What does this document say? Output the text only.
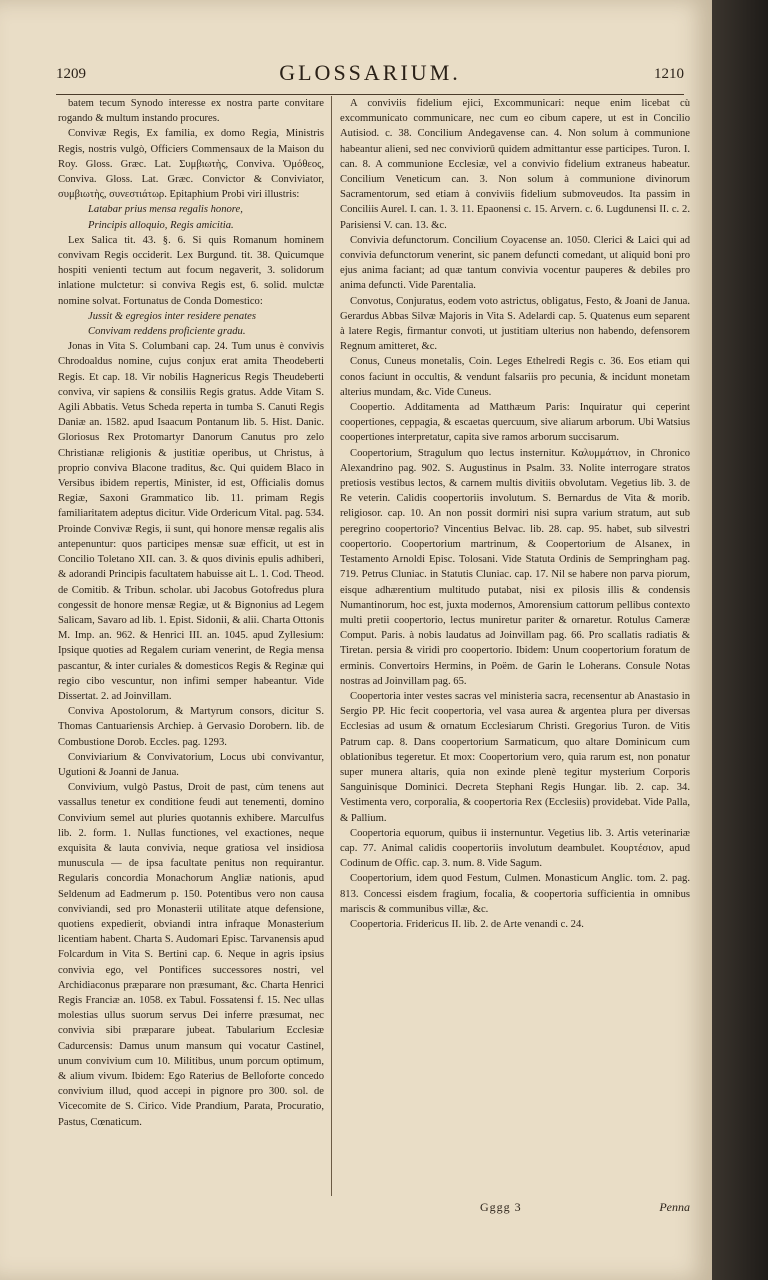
1209	GLOSSARIUM.	1210

batem tecum Synodo interesse ex nostra parte convitare rogando & multum instando procures.

Convivæ Regis, Ex familia, ex domo Regia, Ministris Regis, nostris vulgò, Officiers Commensaux de la Maison du Roy. Gloss. Græc. Lat. Συμβιωτὴς, Conviva. Ὁμόθεος, Conviva. Gloss. Lat. Græc. Convictor & Conviviator, συμβιωτὴς, συνεστιάτωρ. Epitaphium Probi viri illustris:

Latabar prius mensa regalis honore,

Principis alloquio, Regis amicitia.

Lex Salica tit. 43. §. 6. Si quis Romanum hominem convivam Regis occiderit. Lex Burgund. tit. 38. Quicumque hospiti venienti tectum aut focum negaverit, 3. solidorum inlatione mulctetur: si conviva Regis est, 6. solid. mulctæ nomine solvat. Fortunatus de Conda Domestico:

Jussit & egregios inter residere penates

Convivam reddens proficiente gradu.

Jonas in Vita S. Columbani cap. 24. Tum unus è convivis Chrodoaldus nomine, cujus conjux erat amita Theodeberti Regis. Et cap. 18. Vir nobilis Hagnericus Regis Theudeberti conviva, vir sapiens & consiliis Regis gratus. Adde Vitam S. Agili Abbatis. Vetus Scheda reperta in tumba S. Canuti Regis Daniæ an. 1582. apud Isaacum Pontanum lib. 5. Hist. Danic. Gloriosus Rex Protomartyr Danorum Canutus pro zelo Christianæ religionis & justitiæ operibus, ut Christus, à proprio conviva Blacone traditus, &c. Qui quidem Blaco in Versibus ibidem repertis, Minister, id est, Officialis domus Regiæ, Saxoni Grammatico lib. 11. primam Regis familiaritatem adeptus dicitur. Vide Ordericum Vital. pag. 534. Proinde Convivæ Regis, ii sunt, qui honore mensæ regalis alis antepenuntur: quos participes mensæ suæ efficit, ut est in Concilio Toletano XII. can. 3. & quos divinis epulis adhiberi, & adorandi Principis facultatem habuisse ait L. 1. Cod. Theod. de Comitib. & Tribun. scholar. ubi Jacobus Gotofredus plura congessit de honore mensæ Regiæ, ut & Bignonius ad Legem Salicam, Savaro ad lib. 1. Epist. Sidonii, & alii. Charta Ottonis M. Imp. an. 962. & Henrici III. an. 1045. apud Zyllesium: Ipsique quoties ad Regalem curiam venerint, de Regia mensa pascantur, & inter curiales & domesticos Regis & Reginæ qui regio cibo vescuntur, non infimi semper habeantur. Vide Dissertat. 2. ad Joinvillam.

Conviva Apostolorum, & Martyrum consors, dicitur S. Thomas Cantuariensis Archiep. à Gervasio Dorobern. lib. de Combustione Dorob. Eccles. pag. 1293.

Conviviarium & Convivatorium, Locus ubi convivantur, Ugutioni & Joanni de Janua.

Convivium, vulgò Pastus, Droit de past, cùm tenens aut vassallus tenetur ex conditione feudi aut tenementi, domino Convivium semel aut pluries quotannis exhibere. Marculfus lib. 2. form. 1. Nullas functiones, vel exactiones, neque exquisita & lauta convivia, neque gratiosa vel insidiosa munuscula — de ipsa facultate penitus non requirantur. Regularis concordia Monachorum Angliæ nationis, apud Seldenum ad Eadmerum p. 150. Potentibus vero non causa conviviandi, sed pro Monasterii utilitate atque defensione, quotiens expedierit, obviandi intra infraque Monasterium licentiam habent. Charta S. Audomari Episc. Tarvanensis apud Folcardum in Vita S. Bertini cap. 6. Neque in agris ipsius convivia ego, vel Pontifices successores nostri, vel Archidiaconus præparare non præsumant, &c. Charta Henrici Regis Franciæ an. 1058. ex Tabul. Fossatensi f. 15. Nec ullas molestias ullus suorum servus Dei inferre præsumat, nec convivia sibi præparare jubeat. Tabularium Ecclesiæ Cadurcensis: Damus unum mansum qui vocatur Castinel, unum convivium cum 10. Militibus, unum porcum optimum, & alium vivum. Ibidem: Ego Raterius de Belloforte concedo convivium illud, quod accepi in pignore pro 300. sol. de Vicecomite de S. Cirico. Vide Prandium, Parata, Procuratio, Pastus, Cœnaticum.

A conviviis fidelium ejici, Excommunicari: neque enim licebat cù excommunicato communicare, nec cum eo cibum capere, ut est in Concilio Autisiod. c. 38. Concilium Andegavense can. 4. Non solum à communione habeantur alieni, sed nec conviviorū quidem admittantur esse participes. Turon. I. can. 8. A communione Ecclesiæ, vel a convivio fidelium extraneus habeatur. Concilium Veneticum can. 3. Non solum à communione divinorum Sacramentorum, sed etiam à conviviis fidelium submoveudos. Ita passim in Conciliis Aurel. I. can. 1. 3. 11. Epaonensi c. 15. Arvern. c. 6. Lugdunensi II. c. 2. Parisiensi V. can. 13. &c.

Convivia defunctorum. Concilium Coyacense an. 1050. Clerici & Laici qui ad convivia defunctorum venerint, sic panem defuncti comedant, ut aliquid boni pro ejus anima faciant; ad quæ tantum convivia vocentur pauperes & debiles pro anima defuncti. Vide Parentalia.

Convotus, Conjuratus, eodem voto astrictus, obligatus, Festo, & Joani de Janua. Gerardus Abbas Silvæ Majoris in Vita S. Adelardi cap. 5. Quatenus eum separent à latere Regis, firmantur convoti, ut justitiam ulterius non habendo, defensorem Regnum amitteret, &c.

Conus, Cuneus monetalis, Coin. Leges Ethelredi Regis c. 36. Eos etiam qui conos faciunt in occultis, & vendunt falsariis pro pecunia, & incidunt monetam alterius mundam, &c. Vide Cuneus.

Coopertio. Additamenta ad Matthæum Paris: Inquiratur qui ceperint coopertiones, ceppagia, & escaetas quercuum, sive aliarum arborum. Ubi Watsius coopertiones interpretatur, capita sive ramos arborum succisarum.

Coopertorium, Stragulum quo lectus insternitur. Καλυμμάτιον, in Chronico Alexandrino pag. 902. S. Augustinus in Psalm. 33. Nolite interrogare stratos pretiosis vestibus lectos, & carnem multis divitiis obvolutam. Vegetius lib. 3. de Re veterin. Calidis coopertoriis involutum. S. Bernardus de Vita & morib. religiosor. cap. 10. An non possit dormiri nisi supra varium stratum, aut sub peregrino coopertorio? Vincentius Belvac. lib. 28. cap. 95. habet, sub silvestri coopertorio. Coopertorium martrinum, & Coopertorium de Alsanex, in Testamento Arnoldi Episc. Tolosani. Vide Statuta Ordinis de Sempringham pag. 719. Petrus Cluniac. in Statutis Cluniac. cap. 17. Nil se habere non parva piorum, eisque adhærentium multitudo putabat, nisi ex pilosis illis & condensis Numantinorum, hoc est, juxta modernos, Amorensium cattorum pellibus contexto multi pretii coopertorio, lectus muniretur pariter & ornaretur. Rotulus Cameræ Comput. Paris. à nobis laudatus ad Joinvillam pag. 66. Pro scallatis radiatis & Tiretan. persia & viridi pro coopertorio. Ibidem: Unum coopertorium foratum de erminis. Convertoirs Hermins, in Poëm. de Garin le Loherans. Consule Notas nostras ad Joinvillam pag. 65.

Coopertoria inter vestes sacras vel ministeria sacra, recensentur ab Anastasio in Sergio PP. Hic fecit coopertoria, vel vasa aurea & argentea plura per diversas Ecclesias ad usum & ornatum Ecclesiarum Christi. Gregorius Turon. de Vitis Patrum cap. 8. Dans coopertorium Sarmaticum, quo altare Dominicum cum oblationibus tegeretur. Et mox: Coopertorium vero, quia rarum est, non ponatur super munera altaris, quia non exinde plenè tegitur mysterium Corporis Sanguinisque Dominici. Decreta Stephani Regis Hungar. lib. 2. cap. 34. Vestimenta vero, corporalia, & coopertoria Rex (Ecclesiis) providebat. Vide Palla, & Pallium.

Coopertoria equorum, quibus ii insternuntur. Vegetius lib. 3. Artis veterinariæ cap. 77. Animal calidis coopertoriis involutum deambulet. Κουρτέσιον, apud Codinum de Offic. cap. 3. num. 8. Vide Sagum.

Coopertorium, idem quod Festum, Culmen. Monasticum Anglic. tom. 2. pag. 813. Concessi eisdem fragium, focalia, & coopertoria sufficientia in omnibus mariscis & communibus villæ, &c.

Coopertoria. Fridericus II. lib. 2. de Arte venandi c. 24.

Gggg 3	Penna
